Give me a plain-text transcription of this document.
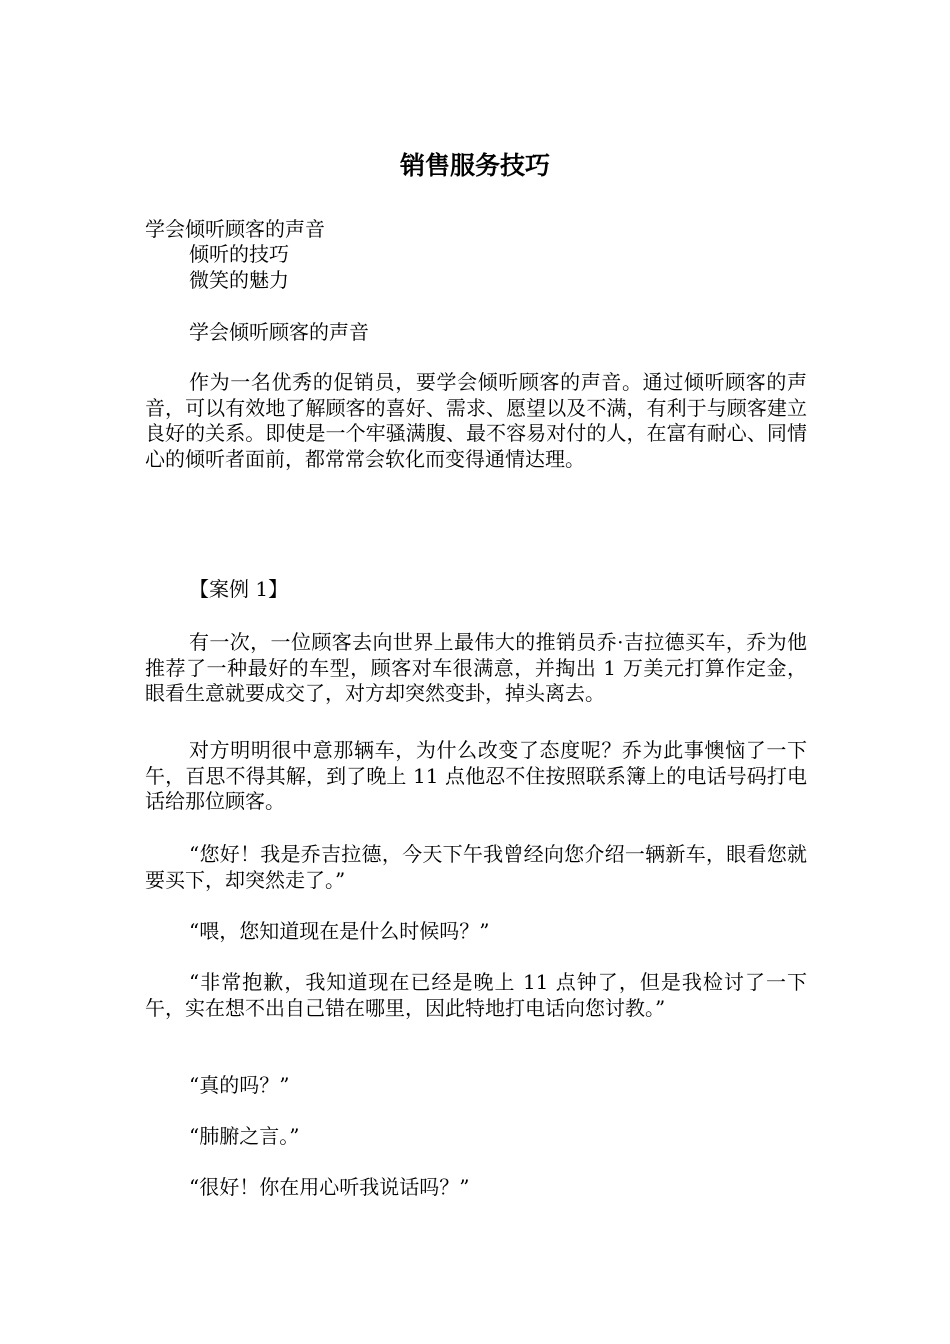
销售服务技巧
学会倾听顾客的声音
倾听的技巧
微笑的魅力
学会倾听顾客的声音

作为一名优秀的促销员，要学会倾听顾客的声音。通过倾听顾客的声音，可以有效地了解顾客的喜好、需求、愿望以及不满，有利于与顾客建立良好的关系。即使是一个牢骚满腹、最不容易对付的人，在富有耐心、同情心的倾听者面前，都常常会软化而变得通情达理。

【案例 1】

有一次，一位顾客去向世界上最伟大的推销员乔·吉拉德买车，乔为他推荐了一种最好的车型，顾客对车很满意，并掏出 1 万美元打算作定金，眼看生意就要成交了，对方却突然变卦，掉头离去。

对方明明很中意那辆车，为什么改变了态度呢？乔为此事懊恼了一下午，百思不得其解，到了晚上 11 点他忍不住按照联系簿上的电话号码打电话给那位顾客。

“您好！我是乔吉拉德，今天下午我曾经向您介绍一辆新车，眼看您就要买下，却突然走了。”

“喂，您知道现在是什么时候吗？”

“非常抱歉，我知道现在已经是晚上 11 点钟了，但是我检讨了一下午，实在想不出自己错在哪里，因此特地打电话向您讨教。”

“真的吗？”

“肺腑之言。”

“很好！你在用心听我说话吗？”
